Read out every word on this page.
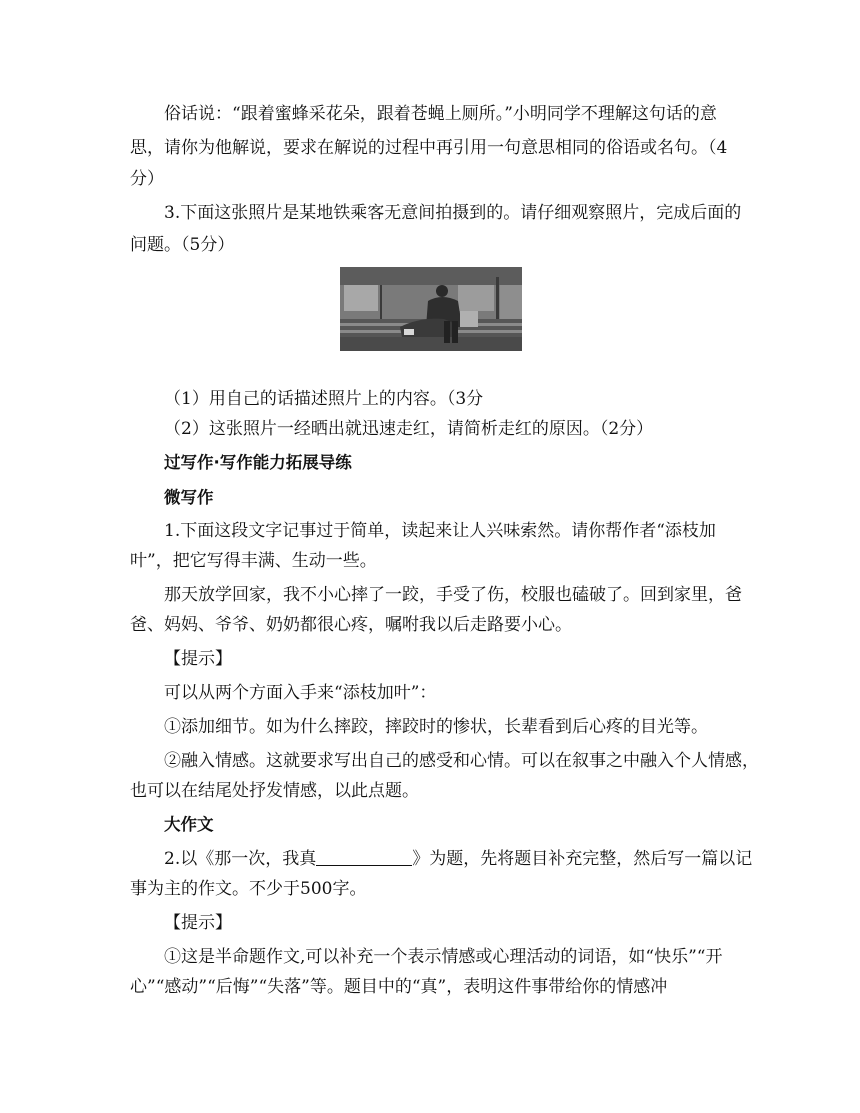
俗话说：“跟着蜜蜂采花朵，跟着苍蝇上厕所。”小明同学不理解这句话的意
思，请你为他解说，要求在解说的过程中再引用一句意思相同的俗语或名句。（4
分）
3.下面这张照片是某地铁乘客无意间拍摄到的。请仔细观察照片，完成后面的
问题。（5分）
（1）用自己的话描述照片上的内容。（3分
（2）这张照片一经晒出就迅速走红，请简析走红的原因。（2分）
过写作·写作能力拓展导练
微写作
1.下面这段文字记事过于简单，读起来让人兴味索然。请你帮作者“添枝加
叶”，把它写得丰满、生动一些。
那天放学回家，我不小心摔了一跤，手受了伤，校服也磕破了。回到家里，爸
爸、妈妈、爷爷、奶奶都很心疼，嘱咐我以后走路要小心。
【提示】
可以从两个方面入手来“添枝加叶”：
①添加细节。如为什么摔跤，摔跤时的惨状，长辈看到后心疼的目光等。
②融入情感。这就要求写出自己的感受和心情。可以在叙事之中融入个人情感，
也可以在结尾处抒发情感，以此点题。
大作文
2.以《那一次，我真	》为题，先将题目补充完整，然后写一篇以记
事为主的作文。不少于500字。
【提示】
①这是半命题作文,可以补充一个表示情感或心理活动的词语，如“快乐”“开
心”“感动”“后悔”“失落”等。题目中的“真”，表明这件事带给你的情感冲
